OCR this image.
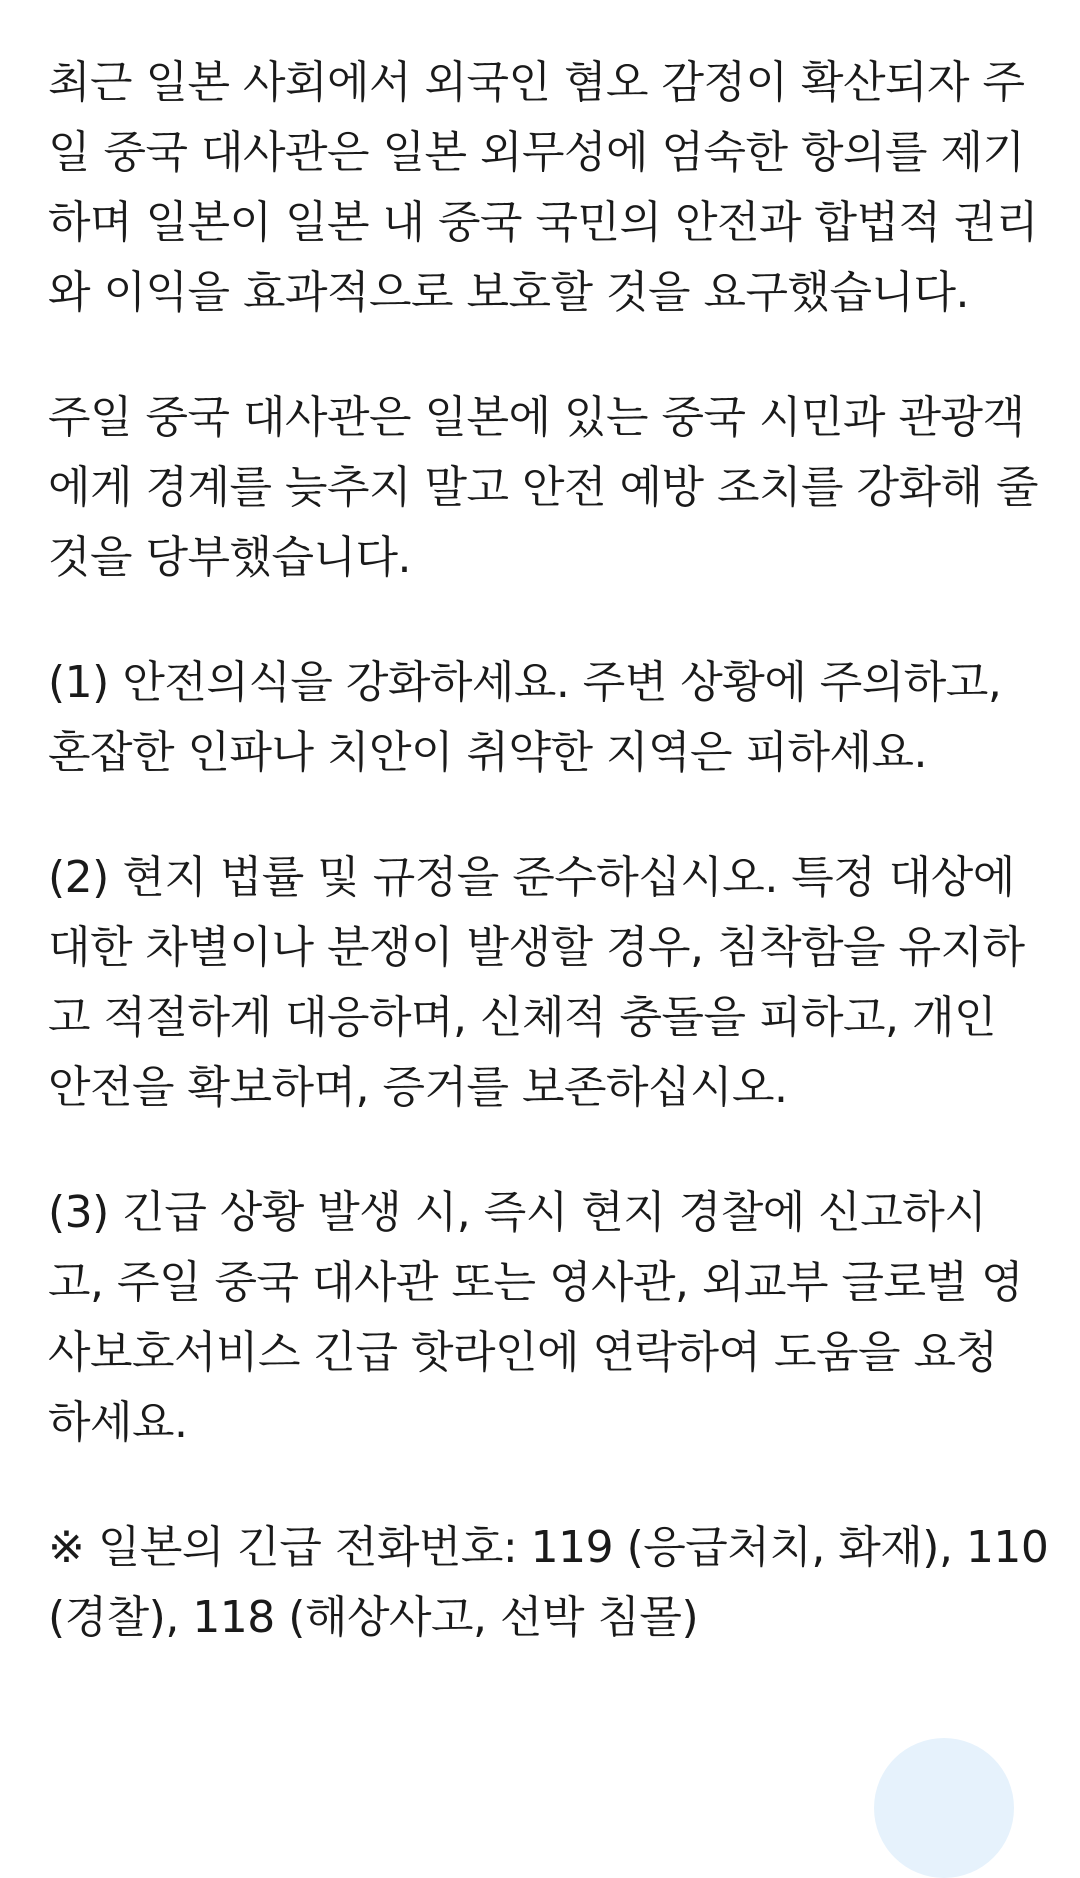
최근 일본 사회에서 외국인 혐오 감정이 확산되자 주
일 중국 대사관은 일본 외무성에 엄숙한 항의를 제기
하며 일본이 일본 내 중국 국민의 안전과 합법적 권리
와 이익을 효과적으로 보호할 것을 요구했습니다.

주일 중국 대사관은 일본에 있는 중국 시민과 관광객
에게 경계를 늦추지 말고 안전 예방 조치를 강화해 줄
것을 당부했습니다.

(1) 안전의식을 강화하세요. 주변 상황에 주의하고,
혼잡한 인파나 치안이 취약한 지역은 피하세요.

(2) 현지 법률 및 규정을 준수하십시오. 특정 대상에
대한 차별이나 분쟁이 발생할 경우, 침착함을 유지하
고 적절하게 대응하며, 신체적 충돌을 피하고, 개인
안전을 확보하며, 증거를 보존하십시오.

(3) 긴급 상황 발생 시, 즉시 현지 경찰에 신고하시
고, 주일 중국 대사관 또는 영사관, 외교부 글로벌 영
사보호서비스 긴급 핫라인에 연락하여 도움을 요청
하세요.

※ 일본의 긴급 전화번호: 119 (응급처치, 화재), 110
(경찰), 118 (해상사고, 선박 침몰)
